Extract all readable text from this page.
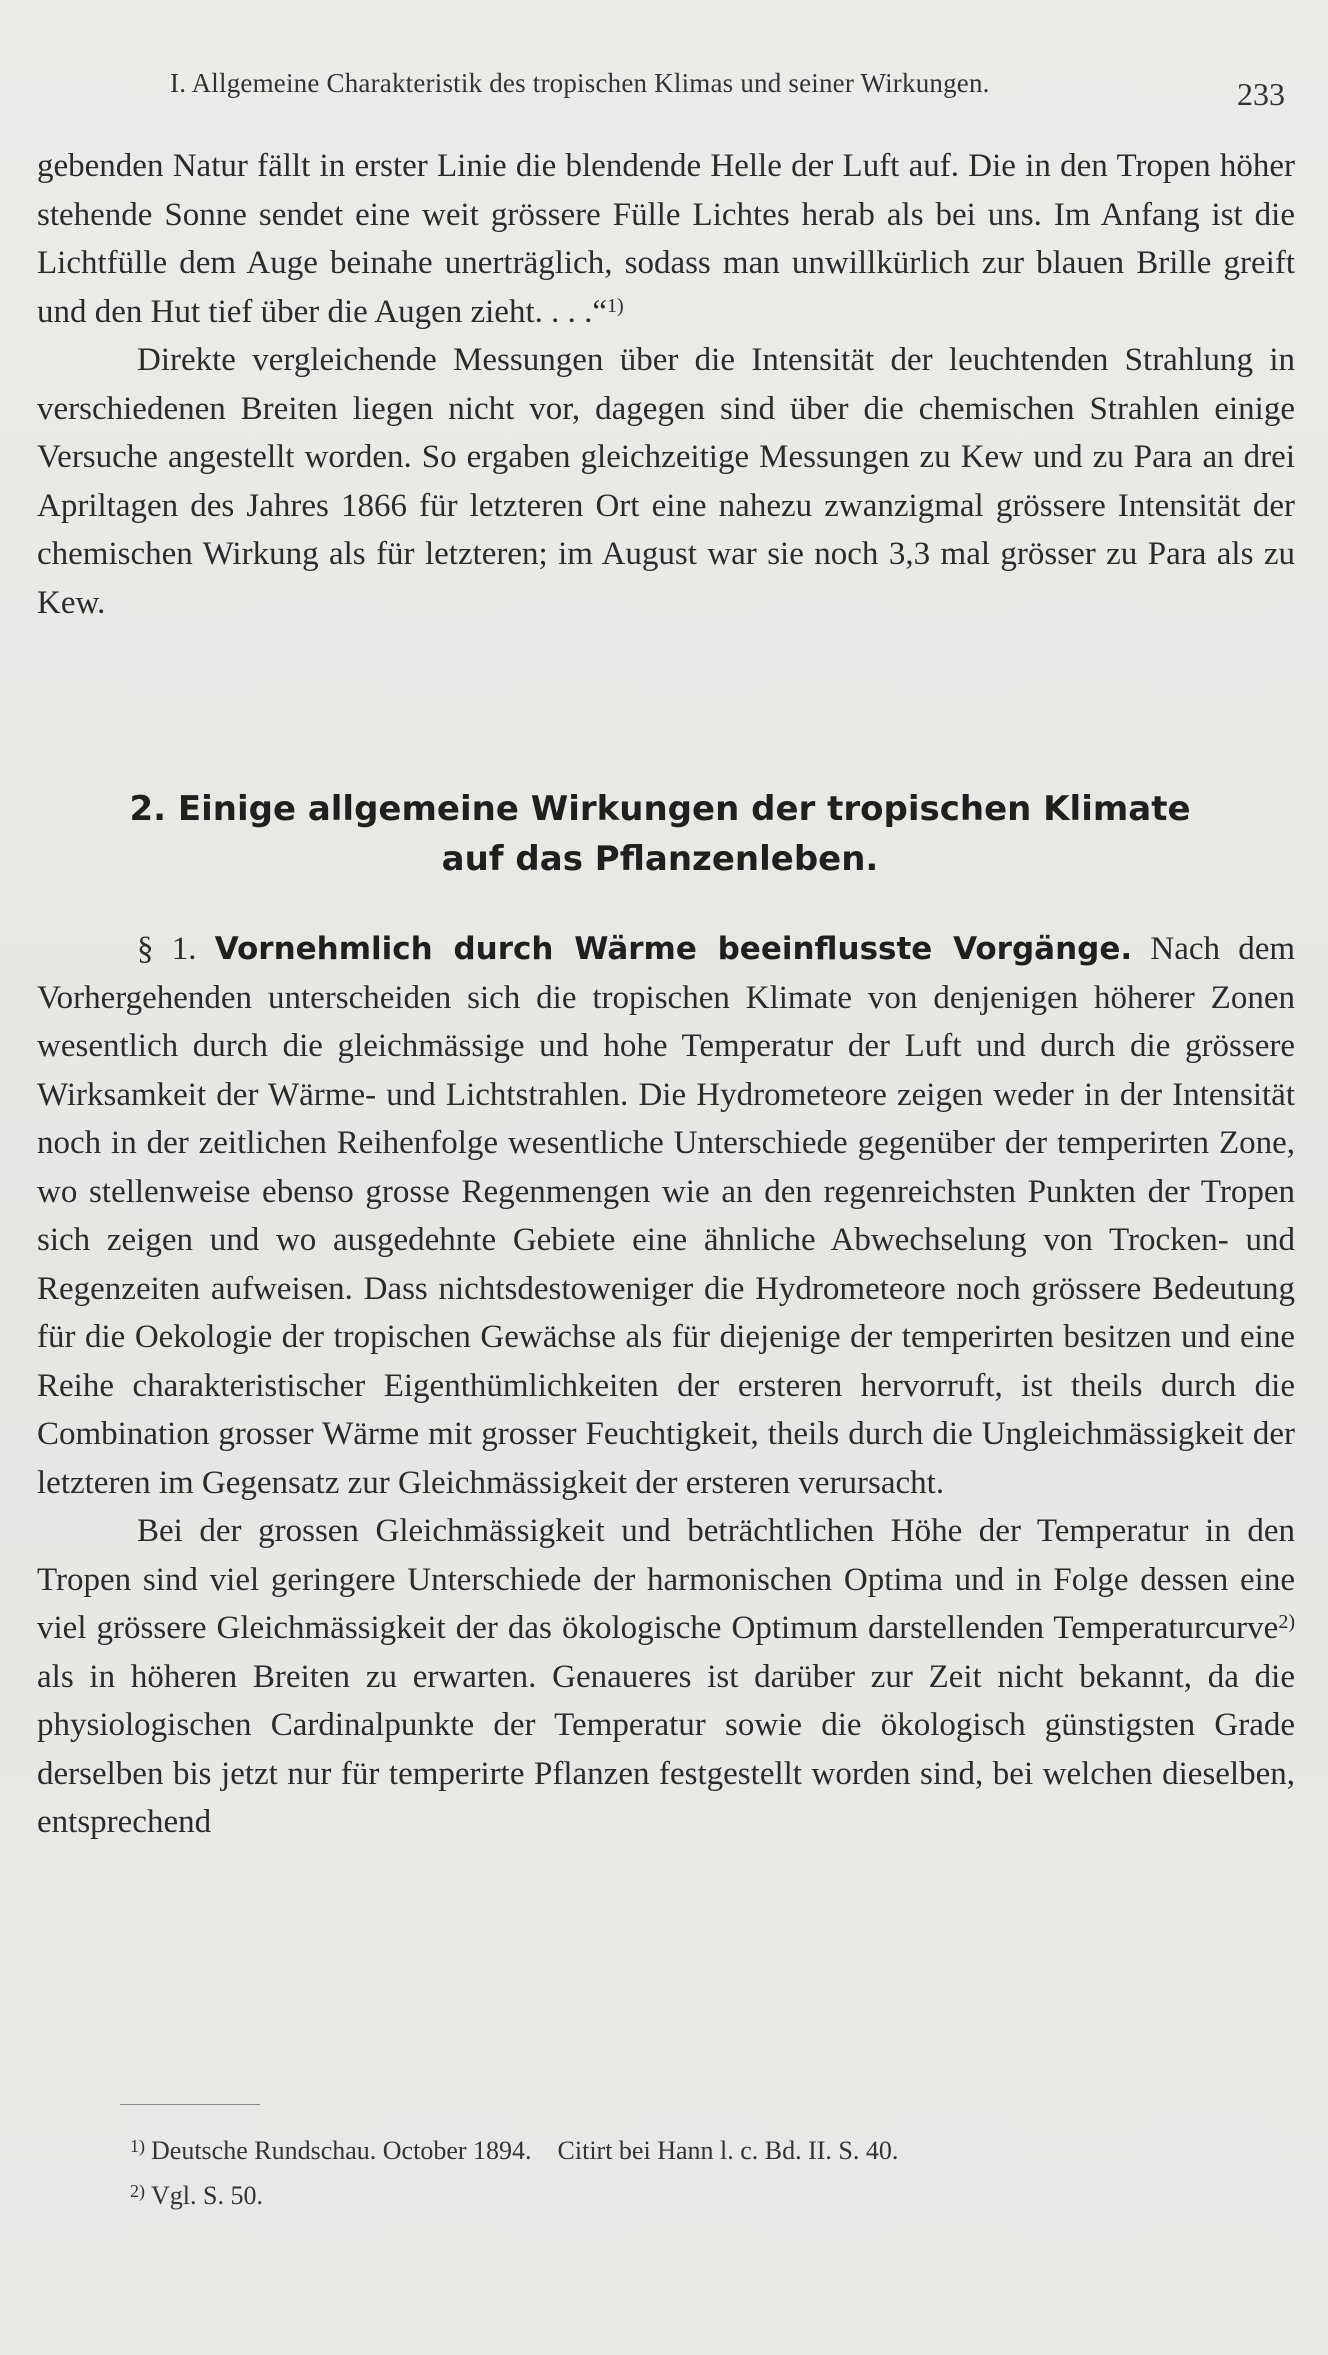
I. Allgemeine Charakteristik des tropischen Klimas und seiner Wirkungen.	233

gebenden Natur fällt in erster Linie die blendende Helle der Luft auf. Die in den Tropen höher stehende Sonne sendet eine weit grössere Fülle Lichtes herab als bei uns. Im Anfang ist die Lichtfülle dem Auge beinahe unerträglich, sodass man unwillkürlich zur blauen Brille greift und den Hut tief über die Augen zieht. . . .“$^{1)}$

Direkte vergleichende Messungen über die Intensität der leuchtenden Strahlung in verschiedenen Breiten liegen nicht vor, dagegen sind über die chemischen Strahlen einige Versuche angestellt worden. So ergaben gleichzeitige Messungen zu Kew und zu Para an drei Apriltagen des Jahres 1866 für letzteren Ort eine nahezu zwanzigmal grössere Intensität der chemischen Wirkung als für letzteren; im August war sie noch 3,3 mal grösser zu Para als zu Kew.

2. Einige allgemeine Wirkungen der tropischen Klimate
auf das Pflanzenleben.

§ 1. Vornehmlich durch Wärme beeinflusste Vorgänge. Nach dem Vorhergehenden unterscheiden sich die tropischen Klimate von denjenigen höherer Zonen wesentlich durch die gleichmässige und hohe Temperatur der Luft und durch die grössere Wirksamkeit der Wärme- und Lichtstrahlen. Die Hydrometeore zeigen weder in der Intensität noch in der zeitlichen Reihenfolge wesentliche Unterschiede gegenüber der temperirten Zone, wo stellenweise ebenso grosse Regenmengen wie an den regenreichsten Punkten der Tropen sich zeigen und wo ausgedehnte Gebiete eine ähnliche Abwechselung von Trocken- und Regenzeiten aufweisen. Dass nichtsdestoweniger die Hydrometeore noch grössere Bedeutung für die Oekologie der tropischen Gewächse als für diejenige der temperirten besitzen und eine Reihe charakteristischer Eigenthümlichkeiten der ersteren hervorruft, ist theils durch die Combination grosser Wärme mit grosser Feuchtigkeit, theils durch die Ungleichmässigkeit der letzteren im Gegensatz zur Gleichmässigkeit der ersteren verursacht.

Bei der grossen Gleichmässigkeit und beträchtlichen Höhe der Temperatur in den Tropen sind viel geringere Unterschiede der harmonischen Optima und in Folge dessen eine viel grössere Gleichmässigkeit der das ökologische Optimum darstellenden Temperaturcurve$^{2)}$ als in höheren Breiten zu erwarten. Genaueres ist darüber zur Zeit nicht bekannt, da die physiologischen Cardinalpunkte der Temperatur sowie die ökologisch günstigsten Grade derselben bis jetzt nur für temperirte Pflanzen festgestellt worden sind, bei welchen dieselben, entsprechend

$^{1)}$ Deutsche Rundschau. October 1894. Citirt bei Hann l. c. Bd. II. S. 40.
$^{2)}$ Vgl. S. 50.
